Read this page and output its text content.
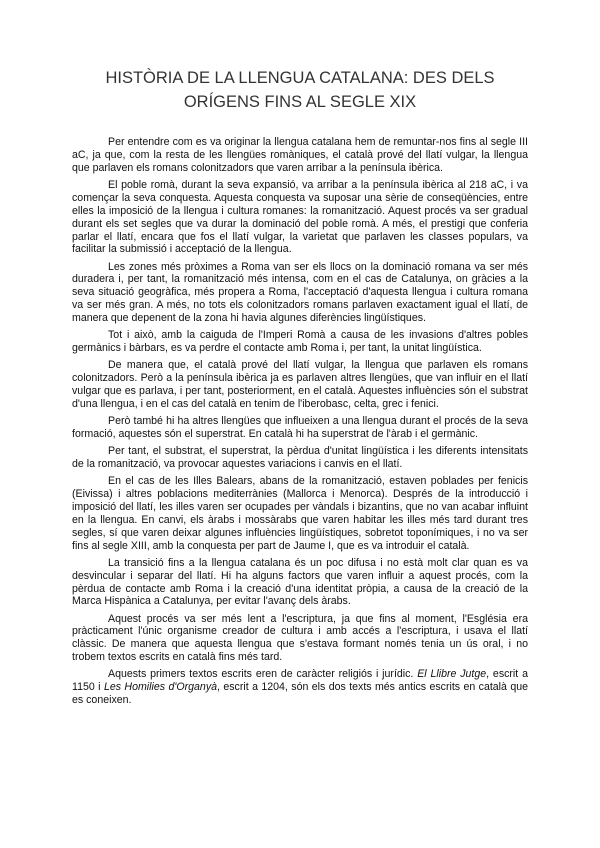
HISTÒRIA DE LA LLENGUA CATALANA: DES DELS
ORÍGENS FINS AL SEGLE XIX

Per entendre com es va originar la llengua catalana hem de remuntar-nos fins al segle III aC, ja que, com la resta de les llengües romàniques, el català prové del llatí vulgar, la llengua que parlaven els romans colonitzadors que varen arribar a la península ibèrica.

El poble romà, durant la seva expansió, va arribar a la península ibèrica al 218 aC, i va començar la seva conquesta. Aquesta conquesta va suposar una sèrie de conseqüències, entre elles la imposició de la llengua i cultura romanes: la romanització. Aquest procés va ser gradual durant els set segles que va durar la dominació del poble romà. A més, el prestigi que conferia parlar el llatí, encara que fos el llatí vulgar, la varietat que parlaven les classes populars, va facilitar la submissió i acceptació de la llengua.

Les zones més pròximes a Roma van ser els llocs on la dominació romana va ser més duradera i, per tant, la romanització més intensa, com en el cas de Catalunya, on gràcies a la seva situació geogràfica, més propera a Roma, l'acceptació d'aquesta llengua i cultura romana va ser més gran. A més, no tots els colonitzadors romans parlaven exactament igual el llatí, de manera que depenent de la zona hi havia algunes diferències lingüístiques.

Tot i això, amb la caiguda de l'Imperi Romà a causa de les invasions d'altres pobles germànics i bàrbars, es va perdre el contacte amb Roma i, per tant, la unitat lingüística.

De manera que, el català prové del llatí vulgar, la llengua que parlaven els romans colonitzadors. Però a la península ibèrica ja es parlaven altres llengües, que van influir en el llatí vulgar que es parlava, i per tant, posteriorment, en el català. Aquestes influències són el substrat d'una llengua, i en el cas del català en tenim de l'iberobasc, celta, grec i fenici.

Però també hi ha altres llengües que influeixen a una llengua durant el procés de la seva formació, aquestes són el superstrat. En català hi ha superstrat de l'àrab i el germànic.

Per tant, el substrat, el superstrat, la pèrdua d'unitat lingüística i les diferents intensitats de la romanització, va provocar aquestes variacions i canvis en el llatí.

En el cas de les Illes Balears, abans de la romanització, estaven poblades per fenicis (Eivissa) i altres poblacions mediterrànies (Mallorca i Menorca). Després de la introducció i imposició del llatí, les illes varen ser ocupades per vàndals i bizantins, que no van acabar influint en la llengua. En canvi, els àrabs i mossàrabs que varen habitar les illes més tard durant tres segles, sí que varen deixar algunes influències lingüístiques, sobretot toponímiques, i no va ser fins al segle XIII, amb la conquesta per part de Jaume I, que es va introduir el català.

La transició fins a la llengua catalana és un poc difusa i no està molt clar quan es va desvincular i separar del llatí. Hi ha alguns factors que varen influir a aquest procés, com la pèrdua de contacte amb Roma i la creació d'una identitat pròpia, a causa de la creació de la Marca Hispànica a Catalunya, per evitar l'avanç dels àrabs.

Aquest procés va ser més lent a l'escriptura, ja que fins al moment, l'Església era pràcticament l'únic organisme creador de cultura i amb accés a l'escriptura, i usava el llatí clàssic. De manera que aquesta llengua que s'estava formant només tenia un ús oral, i no trobem textos escrits en català fins més tard.

Aquests primers textos escrits eren de caràcter religiós i jurídic. El Llibre Jutge, escrit a 1150 i Les Homilies d'Organyà, escrit a 1204, són els dos texts més antics escrits en català que es coneixen.
